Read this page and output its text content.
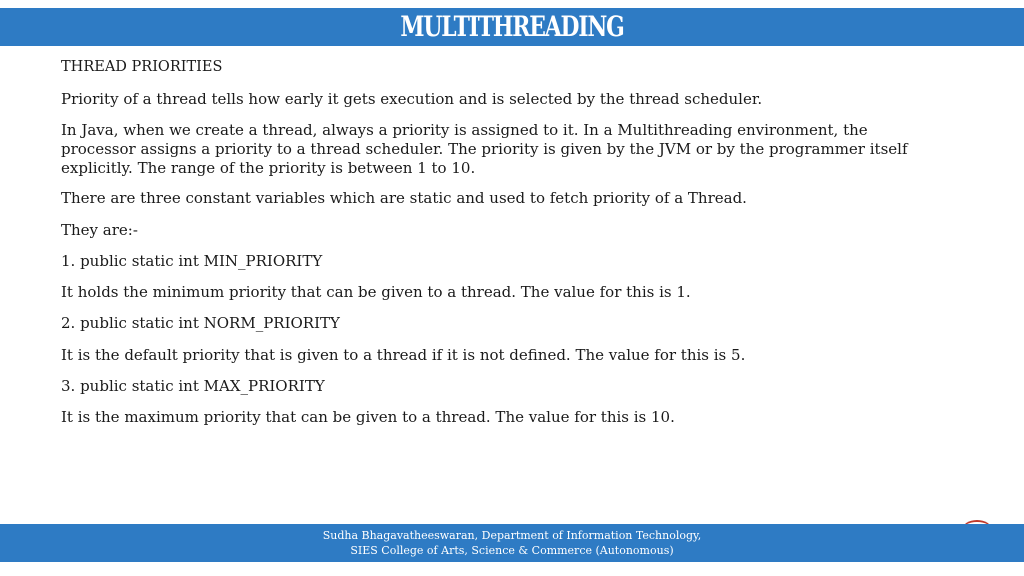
MULTITHREADING

THREAD PRIORITIES

Priority of a thread tells how early it gets execution and is selected by the thread scheduler.

In Java, when we create a thread, always a priority is assigned to it. In a Multithreading environment, the processor assigns a priority to a thread scheduler. The priority is given by the JVM or by the programmer itself explicitly. The range of the priority is between 1 to 10.

There are three constant variables which are static and used to fetch priority of a Thread.

They are:-

1. public static int MIN_PRIORITY

It holds the minimum priority that can be given to a thread. The value for this is 1.

2. public static int NORM_PRIORITY

It is the default priority that is given to a thread if it is not defined. The value for this is 5.

3. public static int MAX_PRIORITY

It is the maximum priority that can be given to a thread. The value for this is 10.

Sudha Bhagavatheeswaran, Department of Information Technology,
SIES College of Arts, Science & Commerce (Autonomous)
